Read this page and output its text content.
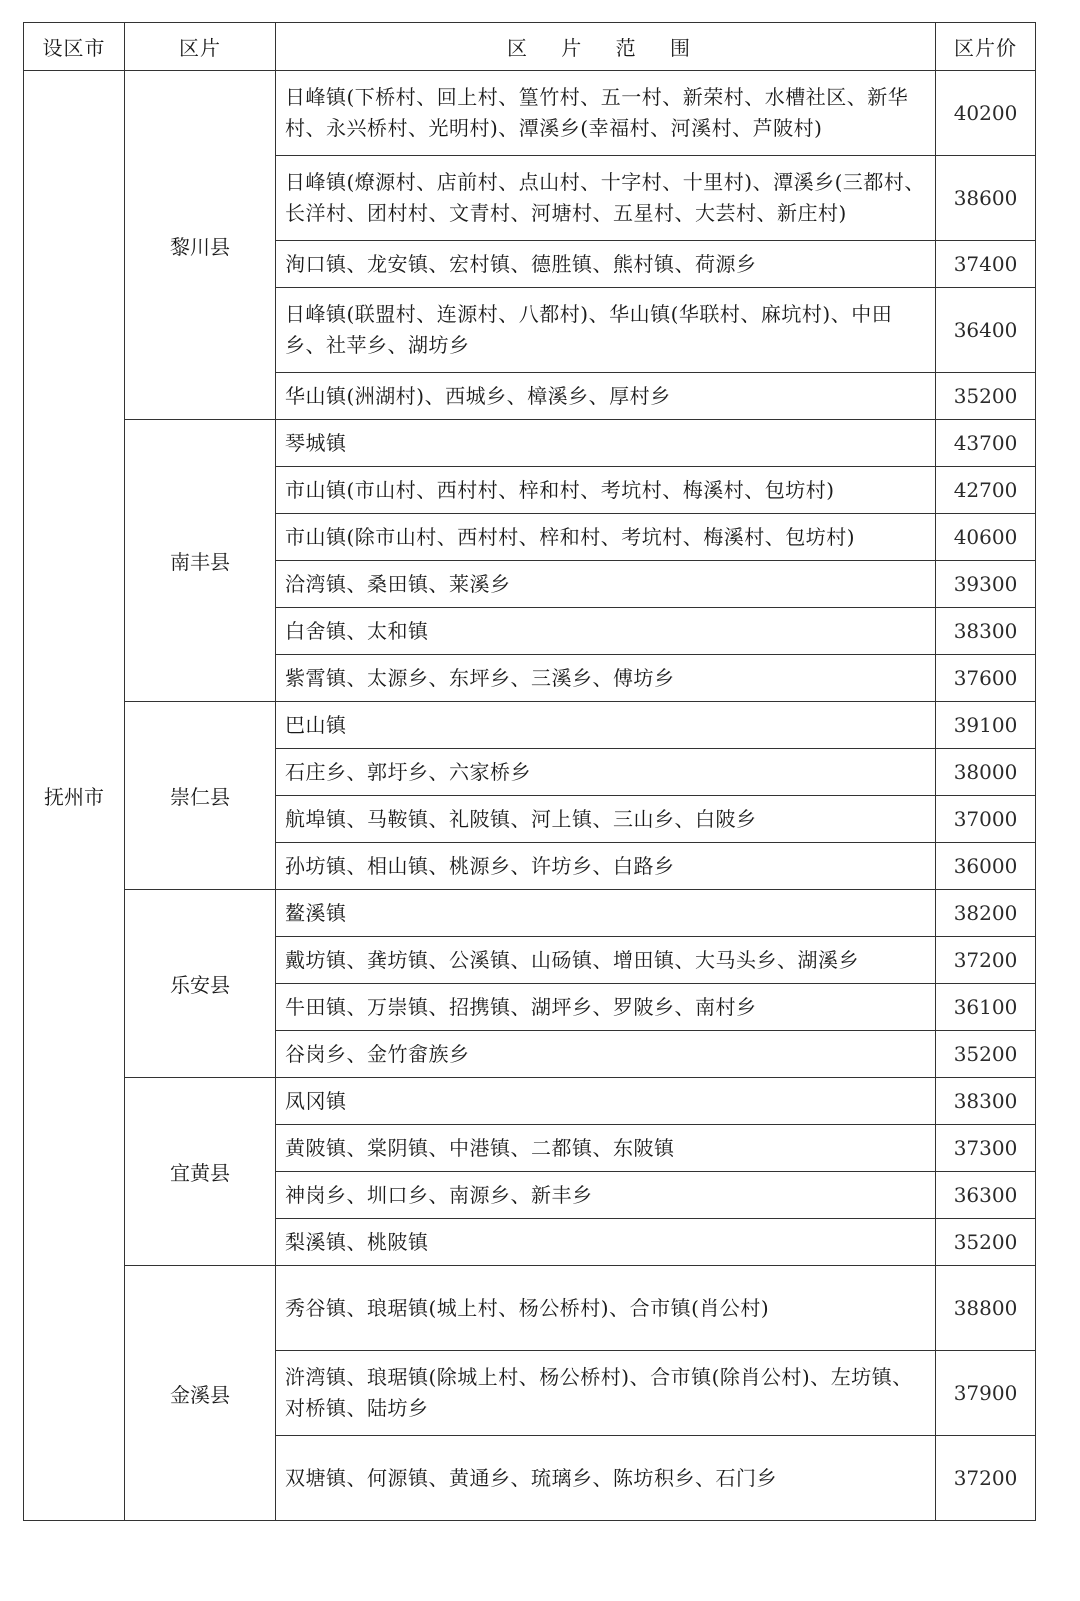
设区市	区片	区 片 范 围	区片价
抚州市	黎川县	日峰镇(下桥村、回上村、篁竹村、五一村、新荣村、水槽社区、新华村、永兴桥村、光明村)、潭溪乡(幸福村、河溪村、芦陂村)	40200
		日峰镇(燎源村、店前村、点山村、十字村、十里村)、潭溪乡(三都村、长洋村、团村村、文青村、河塘村、五星村、大芸村、新庄村)	38600
		洵口镇、龙安镇、宏村镇、德胜镇、熊村镇、荷源乡	37400
		日峰镇(联盟村、连源村、八都村)、华山镇(华联村、麻坑村)、中田乡、社苹乡、湖坊乡	36400
		华山镇(洲湖村)、西城乡、樟溪乡、厚村乡	35200
	南丰县	琴城镇	43700
		市山镇(市山村、西村村、梓和村、考坑村、梅溪村、包坊村)	42700
		市山镇(除市山村、西村村、梓和村、考坑村、梅溪村、包坊村)	40600
		洽湾镇、桑田镇、莱溪乡	39300
		白舍镇、太和镇	38300
		紫霄镇、太源乡、东坪乡、三溪乡、傅坊乡	37600
	崇仁县	巴山镇	39100
		石庄乡、郭圩乡、六家桥乡	38000
		航埠镇、马鞍镇、礼陂镇、河上镇、三山乡、白陂乡	37000
		孙坊镇、相山镇、桃源乡、许坊乡、白路乡	36000
	乐安县	鳌溪镇	38200
		戴坊镇、龚坊镇、公溪镇、山砀镇、增田镇、大马头乡、湖溪乡	37200
		牛田镇、万崇镇、招携镇、湖坪乡、罗陂乡、南村乡	36100
		谷岗乡、金竹畲族乡	35200
	宜黄县	凤冈镇	38300
		黄陂镇、棠阴镇、中港镇、二都镇、东陂镇	37300
		神岗乡、圳口乡、南源乡、新丰乡	36300
		梨溪镇、桃陂镇	35200
	金溪县	秀谷镇、琅琚镇(城上村、杨公桥村)、合市镇(肖公村)	38800
		浒湾镇、琅琚镇(除城上村、杨公桥村)、合市镇(除肖公村)、左坊镇、对桥镇、陆坊乡	37900
		双塘镇、何源镇、黄通乡、琉璃乡、陈坊积乡、石门乡	37200
